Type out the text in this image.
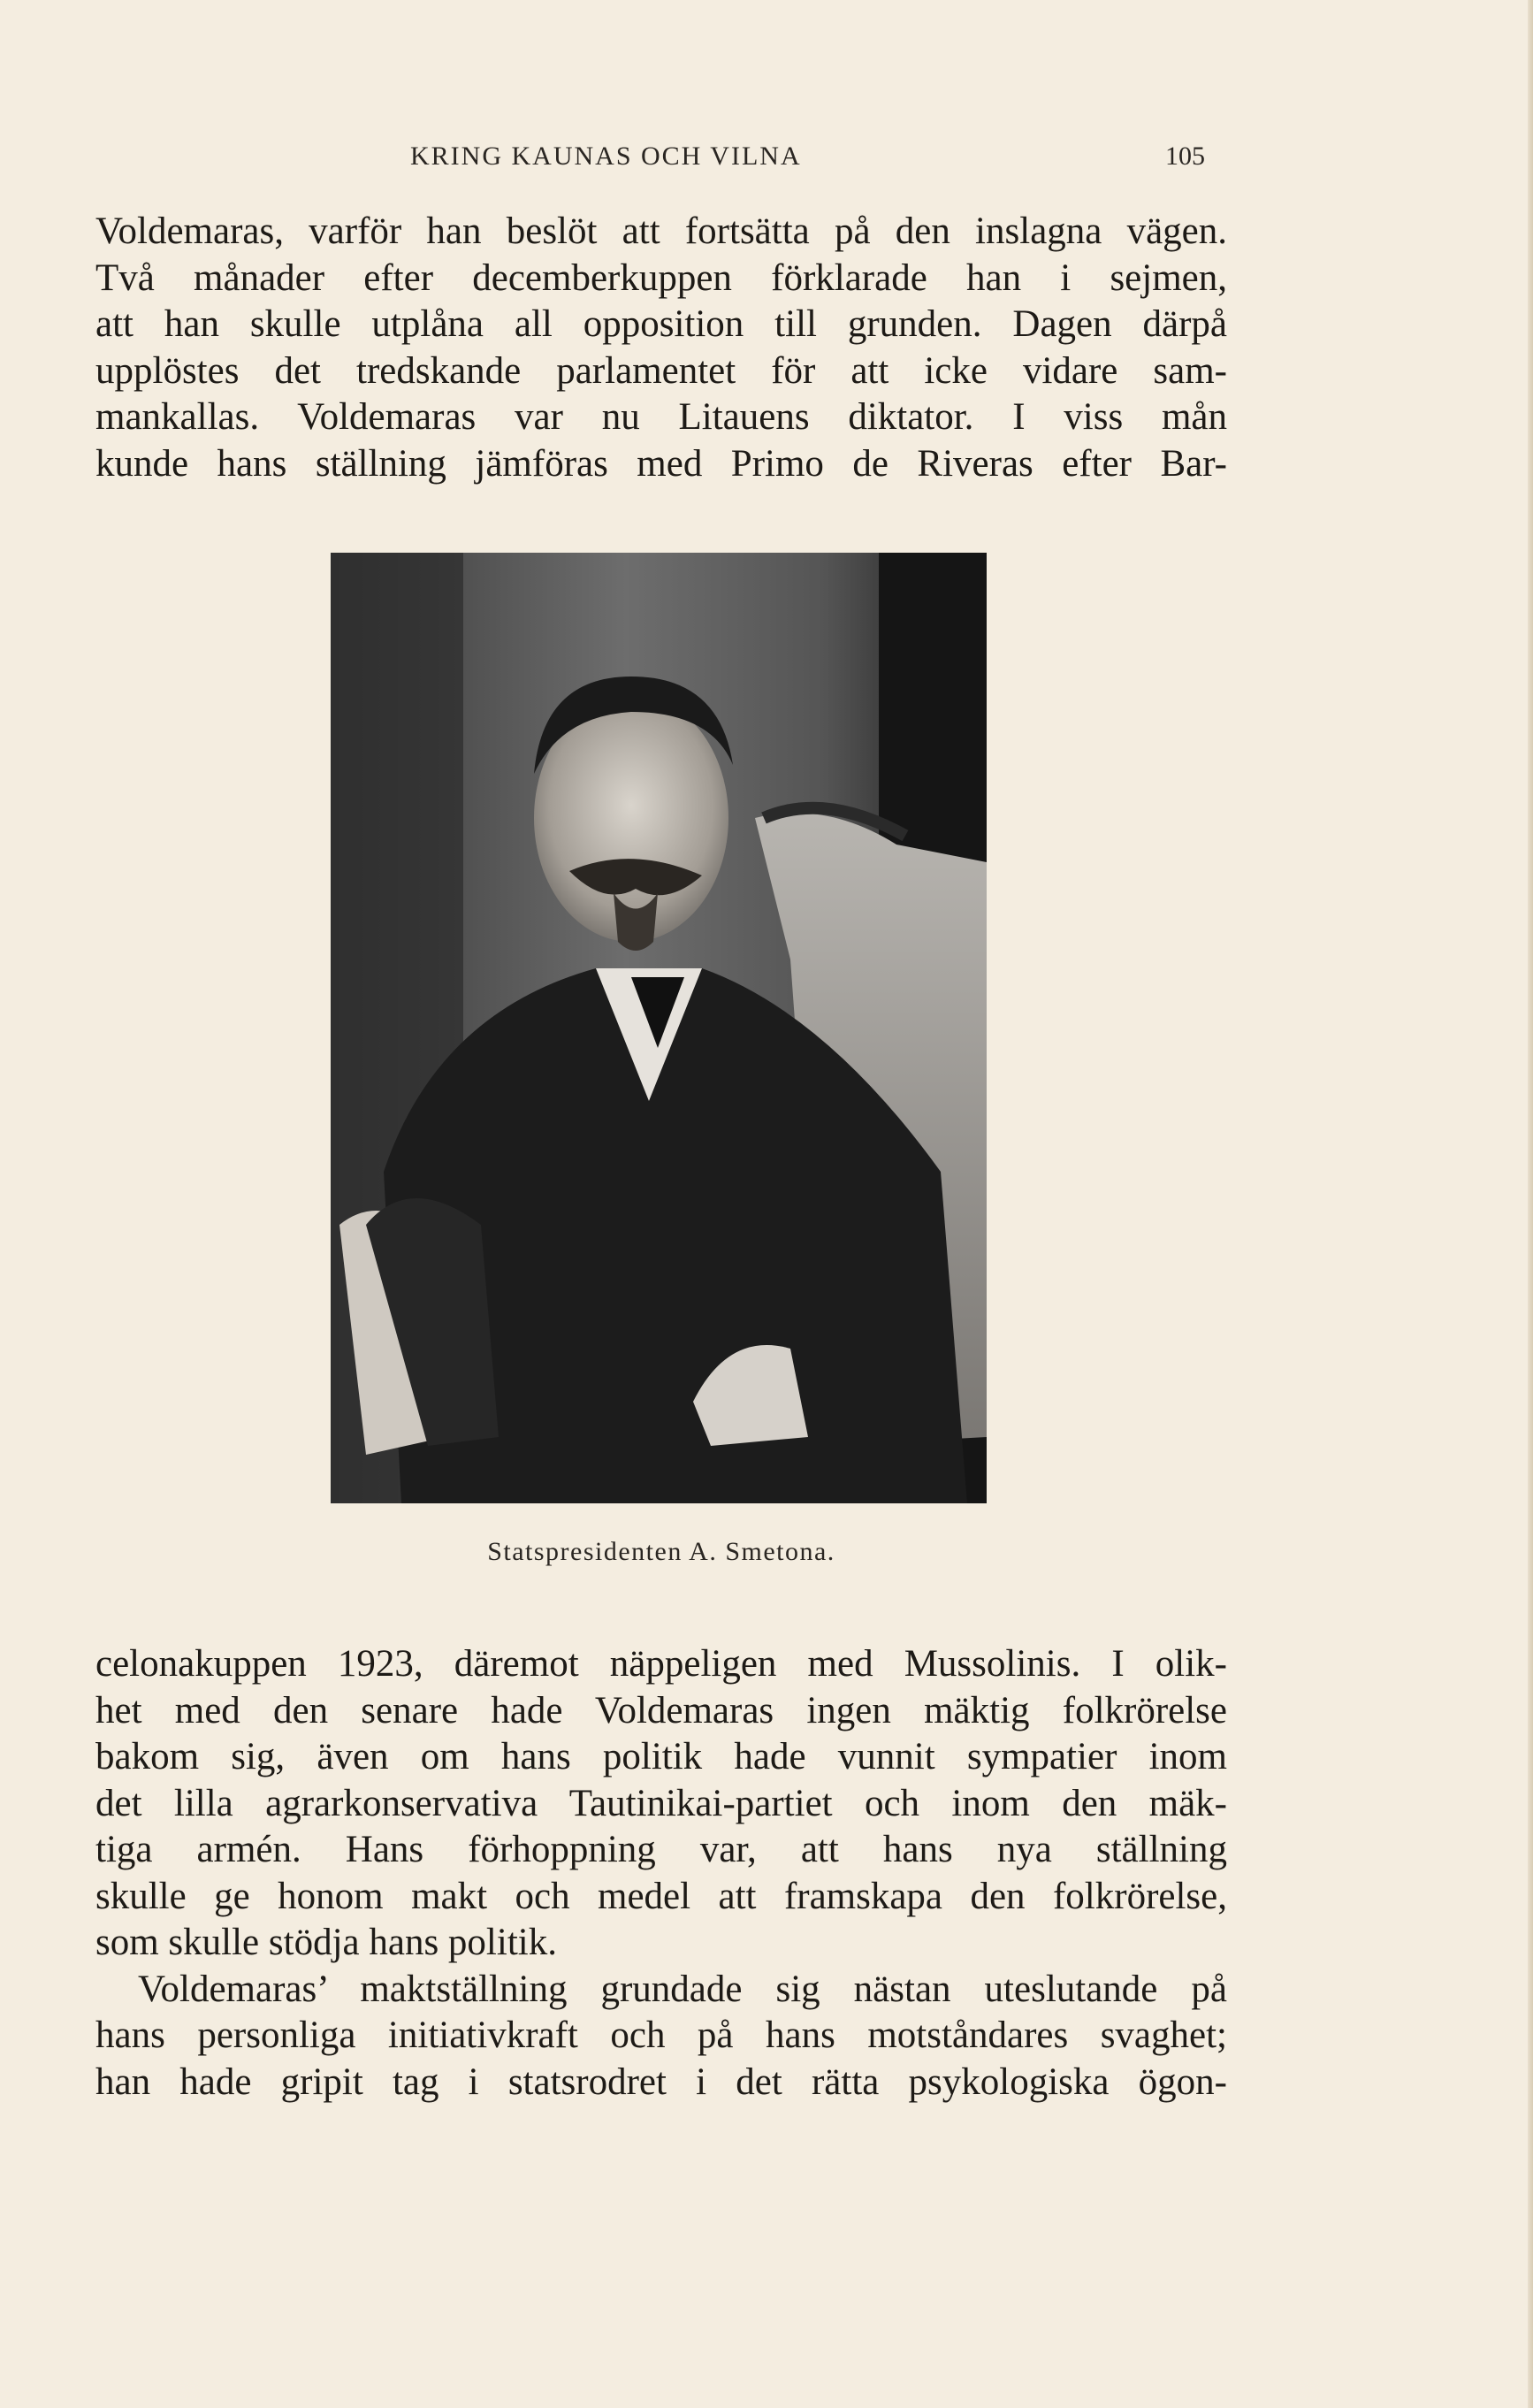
KRING KAUNAS OCH VILNA	105
Voldemaras, varför han beslöt att fortsätta på den inslagna vägen.
Två månader efter decemberkuppen förklarade han i sejmen,
att han skulle utplåna all opposition till grunden. Dagen därpå
upplöstes det tredskande parlamentet för att icke vidare sam-
mankallas. Voldemaras var nu Litauens diktator. I viss mån
kunde hans ställning jämföras med Primo de Riveras efter Bar-
Statspresidenten A. Smetona.
celonakuppen 1923, däremot näppeligen med Mussolinis. I olik-
het med den senare hade Voldemaras ingen mäktig folkrörelse
bakom sig, även om hans politik hade vunnit sympatier inom
det lilla agrarkonservativa Tautinikai-partiet och inom den mäk-
tiga armén. Hans förhoppning var, att hans nya ställning
skulle ge honom makt och medel att framskapa den folkrörelse,
som skulle stödja hans politik.
Voldemaras’ maktställning grundade sig nästan uteslutande på
hans personliga initiativkraft och på hans motståndares svaghet;
han hade gripit tag i statsrodret i det rätta psykologiska ögon-
